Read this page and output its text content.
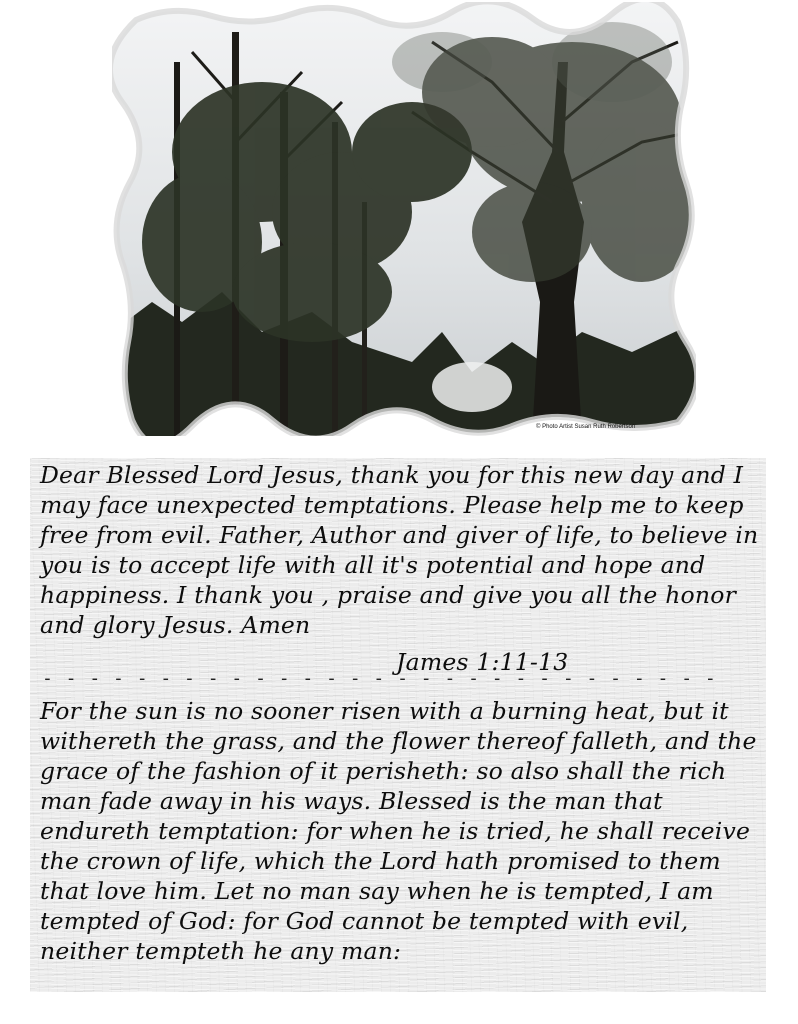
© Photo Artist Susan Ruth Robertson

Dear Blessed Lord Jesus, thank you for this new day and I may face unexpected temptations. Please help me to keep free from evil. Father, Author and giver of life, to believe in you is to accept life with all it's potential and hope and happiness. I thank you , praise and give you all the honor and glory Jesus. Amen

James 1:11-13
- - - - - - - - - - - - - - - - - - - - - - - - - - - - -

For the sun is no sooner risen with a burning heat, but it withereth the grass, and the flower thereof falleth, and the grace of the fashion of it perisheth: so also shall the rich man fade away in his ways. Blessed is the man that endureth temptation: for when he is tried, he shall receive the crown of life, which the Lord hath promised to them that love him. Let no man say when he is tempted, I am tempted of God: for God cannot be tempted with evil, neither tempteth he any man:
